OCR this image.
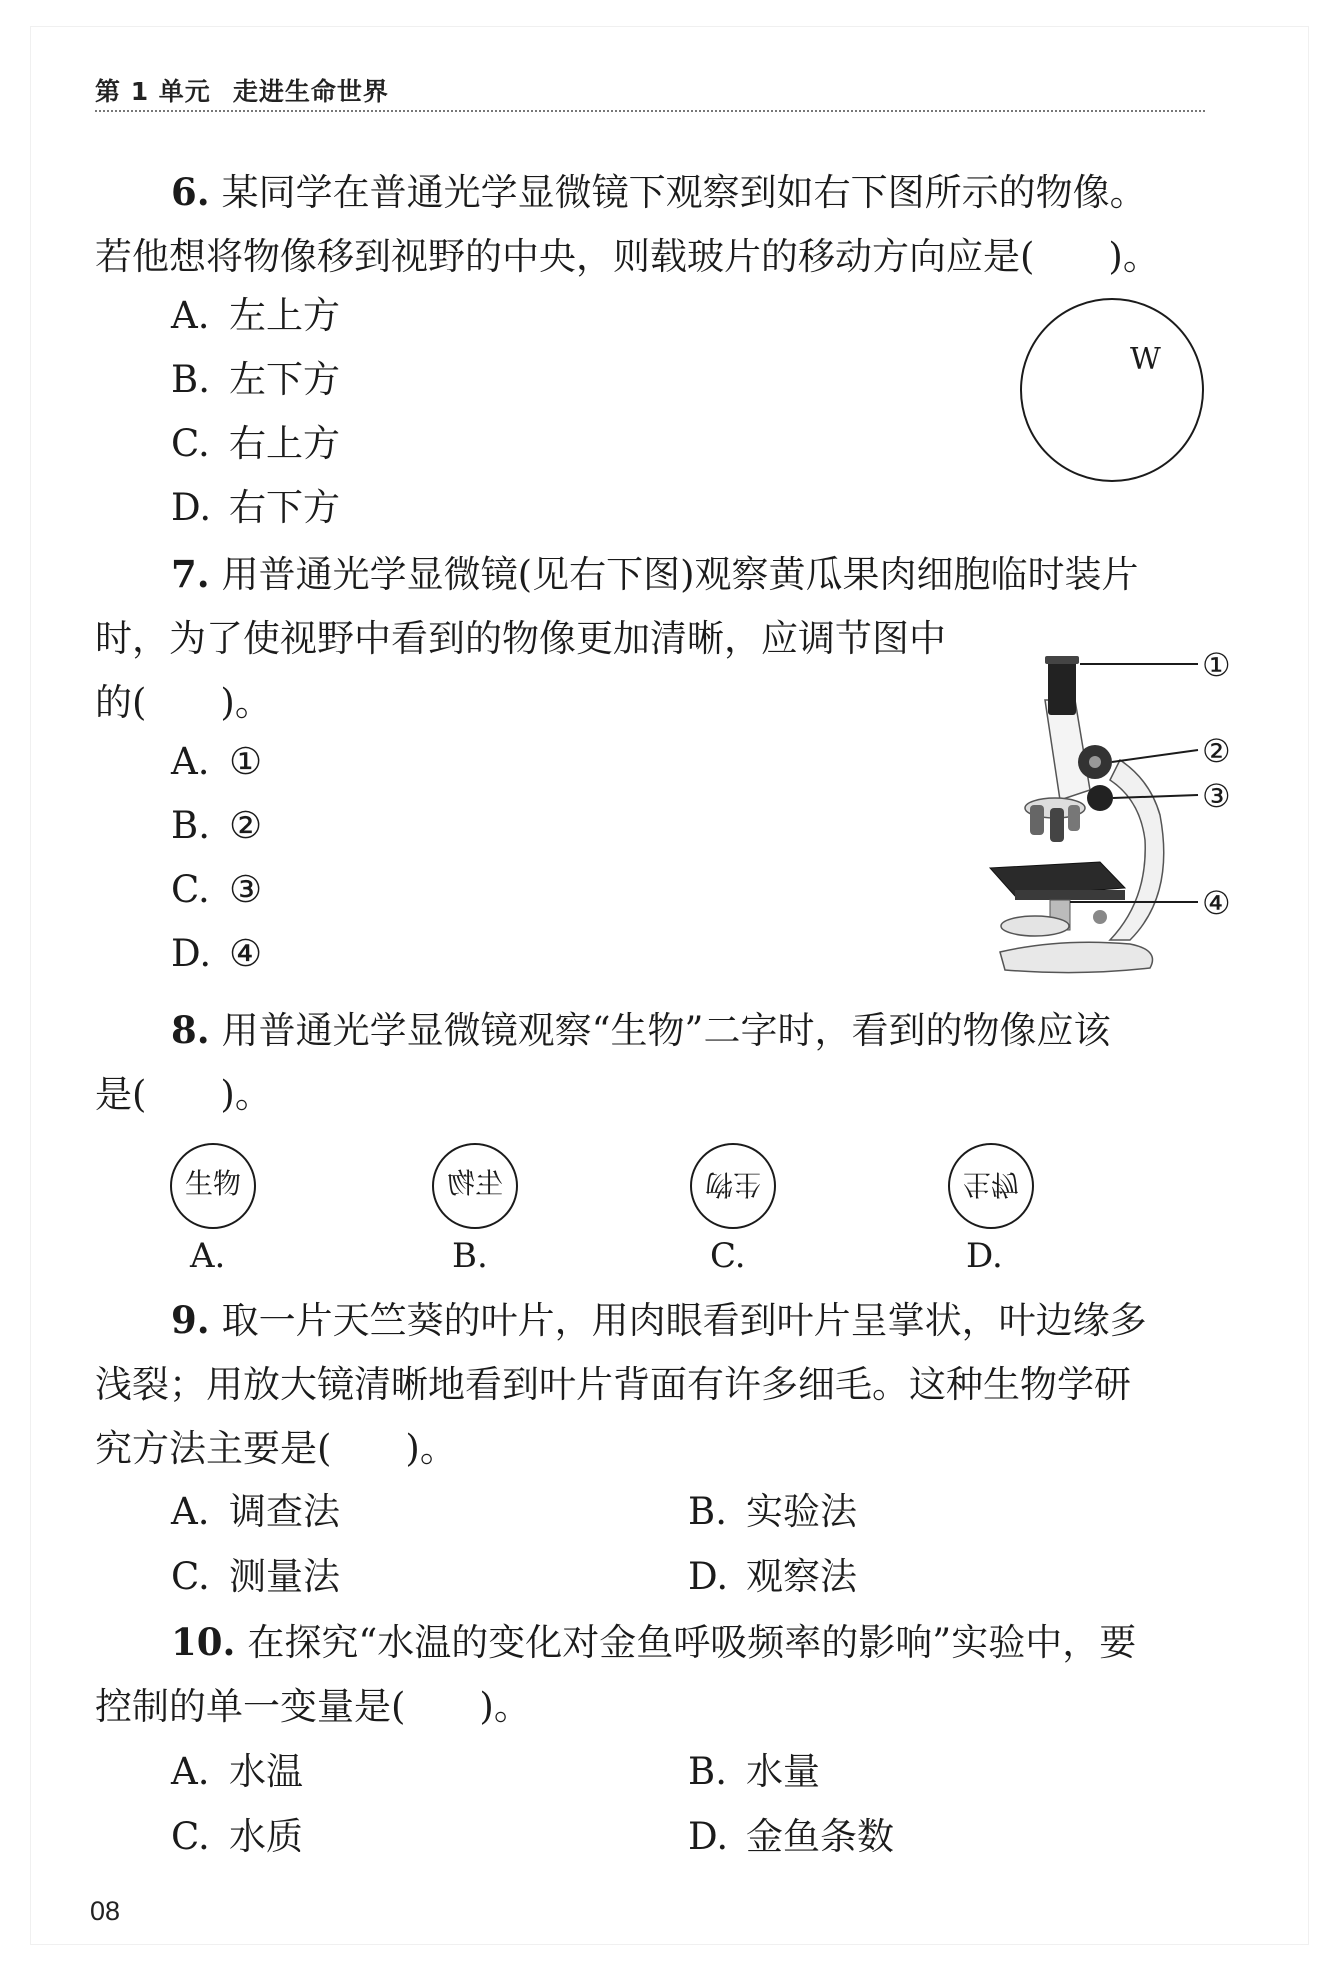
第 1 单元 走进生命世界

6. 某同学在普通光学显微镜下观察到如右下图所示的物像。

若他想将物像移到视野的中央，则载玻片的移动方向应是(　　)。

A. 左上方
B. 左下方
C. 右上方
D. 右下方
W

7. 用普通光学显微镜(见右下图)观察黄瓜果肉细胞临时装片

时，为了使视野中看到的物像更加清晰，应调节图中

的(　　)。

A. ①
B. ②
C. ③
D. ④
①
②
③
④

8. 用普通光学显微镜观察“生物”二字时，看到的物像应该

是(　　)。

生物
A.
生物
B.
生物
C.
生物
D.

9. 取一片天竺葵的叶片，用肉眼看到叶片呈掌状，叶边缘多

浅裂；用放大镜清晰地看到叶片背面有许多细毛。这种生物学研

究方法主要是(　　)。

A. 调查法	B. 实验法
C. 测量法	D. 观察法

10. 在探究“水温的变化对金鱼呼吸频率的影响”实验中，要

控制的单一变量是(　　)。

A. 水温	B. 水量
C. 水质	D. 金鱼条数
08
